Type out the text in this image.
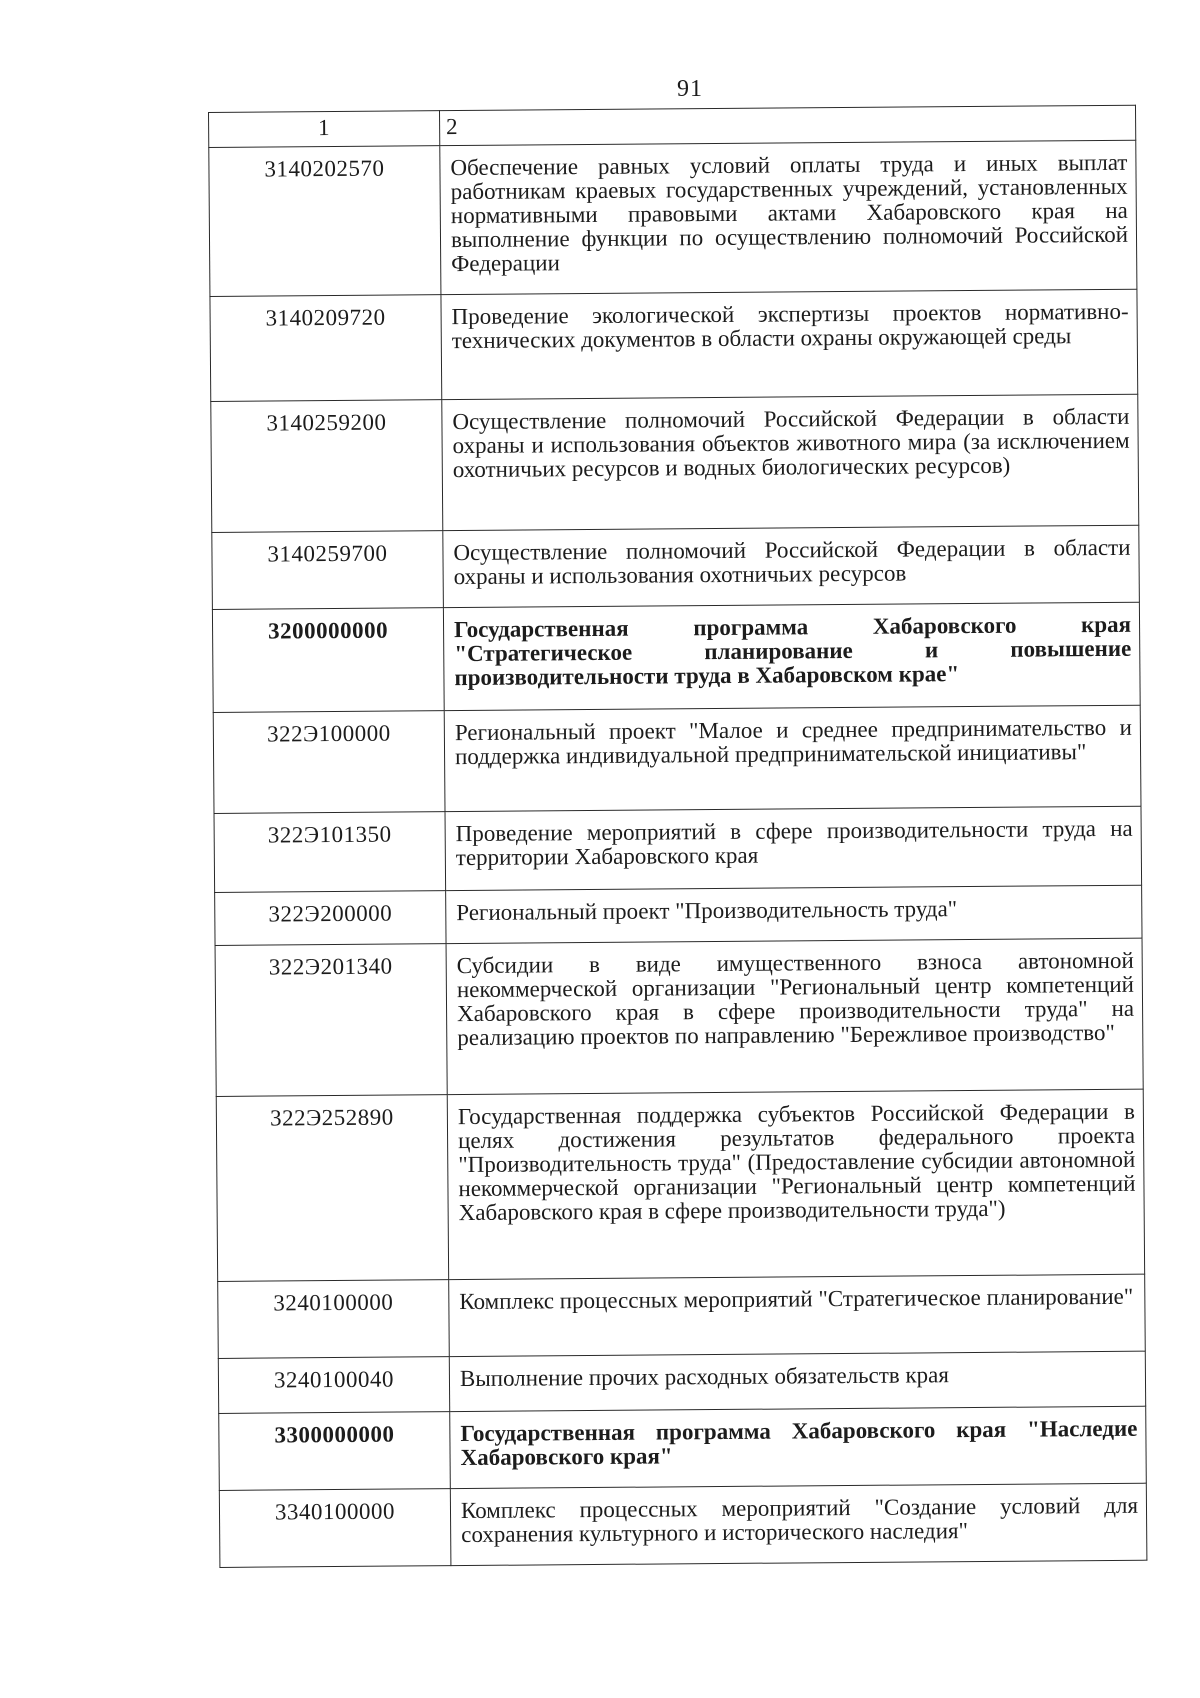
91
1	2
3140202570	Обеспечение равных условий оплаты труда и иных выплат работникам краевых государственных учреждений, установленных нормативными правовыми актами Хабаровского края на выполнение функции по осуществлению полномочий Российской Федерации
3140209720	Проведение экологической экспертизы проектов нормативно-технических документов в области охраны окружающей среды
3140259200	Осуществление полномочий Российской Федерации в области охраны и использования объектов животного мира (за исключением охотничьих ресурсов и водных биологических ресурсов)
3140259700	Осуществление полномочий Российской Федерации в области охраны и использования охотничьих ресурсов
3200000000	Государственная программа Хабаровского края "Стратегическое планирование и повышение производительности труда в Хабаровском крае"
322Э100000	Региональный проект "Малое и среднее предпринимательство и поддержка индивидуальной предпринимательской инициативы"
322Э101350	Проведение мероприятий в сфере производительности труда на территории Хабаровского края
322Э200000	Региональный проект "Производительность труда"
322Э201340	Субсидии в виде имущественного взноса автономной некоммерческой организации "Региональный центр компетенций Хабаровского края в сфере производительности труда" на реализацию проектов по направлению "Бережливое производство"
322Э252890	Государственная поддержка субъектов Российской Федерации в целях достижения результатов федерального проекта "Производительность труда" (Предоставление субсидии автономной некоммерческой организации "Региональный центр компетенций Хабаровского края в сфере производительности труда")
3240100000	Комплекс процессных мероприятий "Стратегическое планирование"
3240100040	Выполнение прочих расходных обязательств края
3300000000	Государственная программа Хабаровского края "Наследие Хабаровского края"
3340100000	Комплекс процессных мероприятий "Создание условий для сохранения культурного и исторического наследия"
